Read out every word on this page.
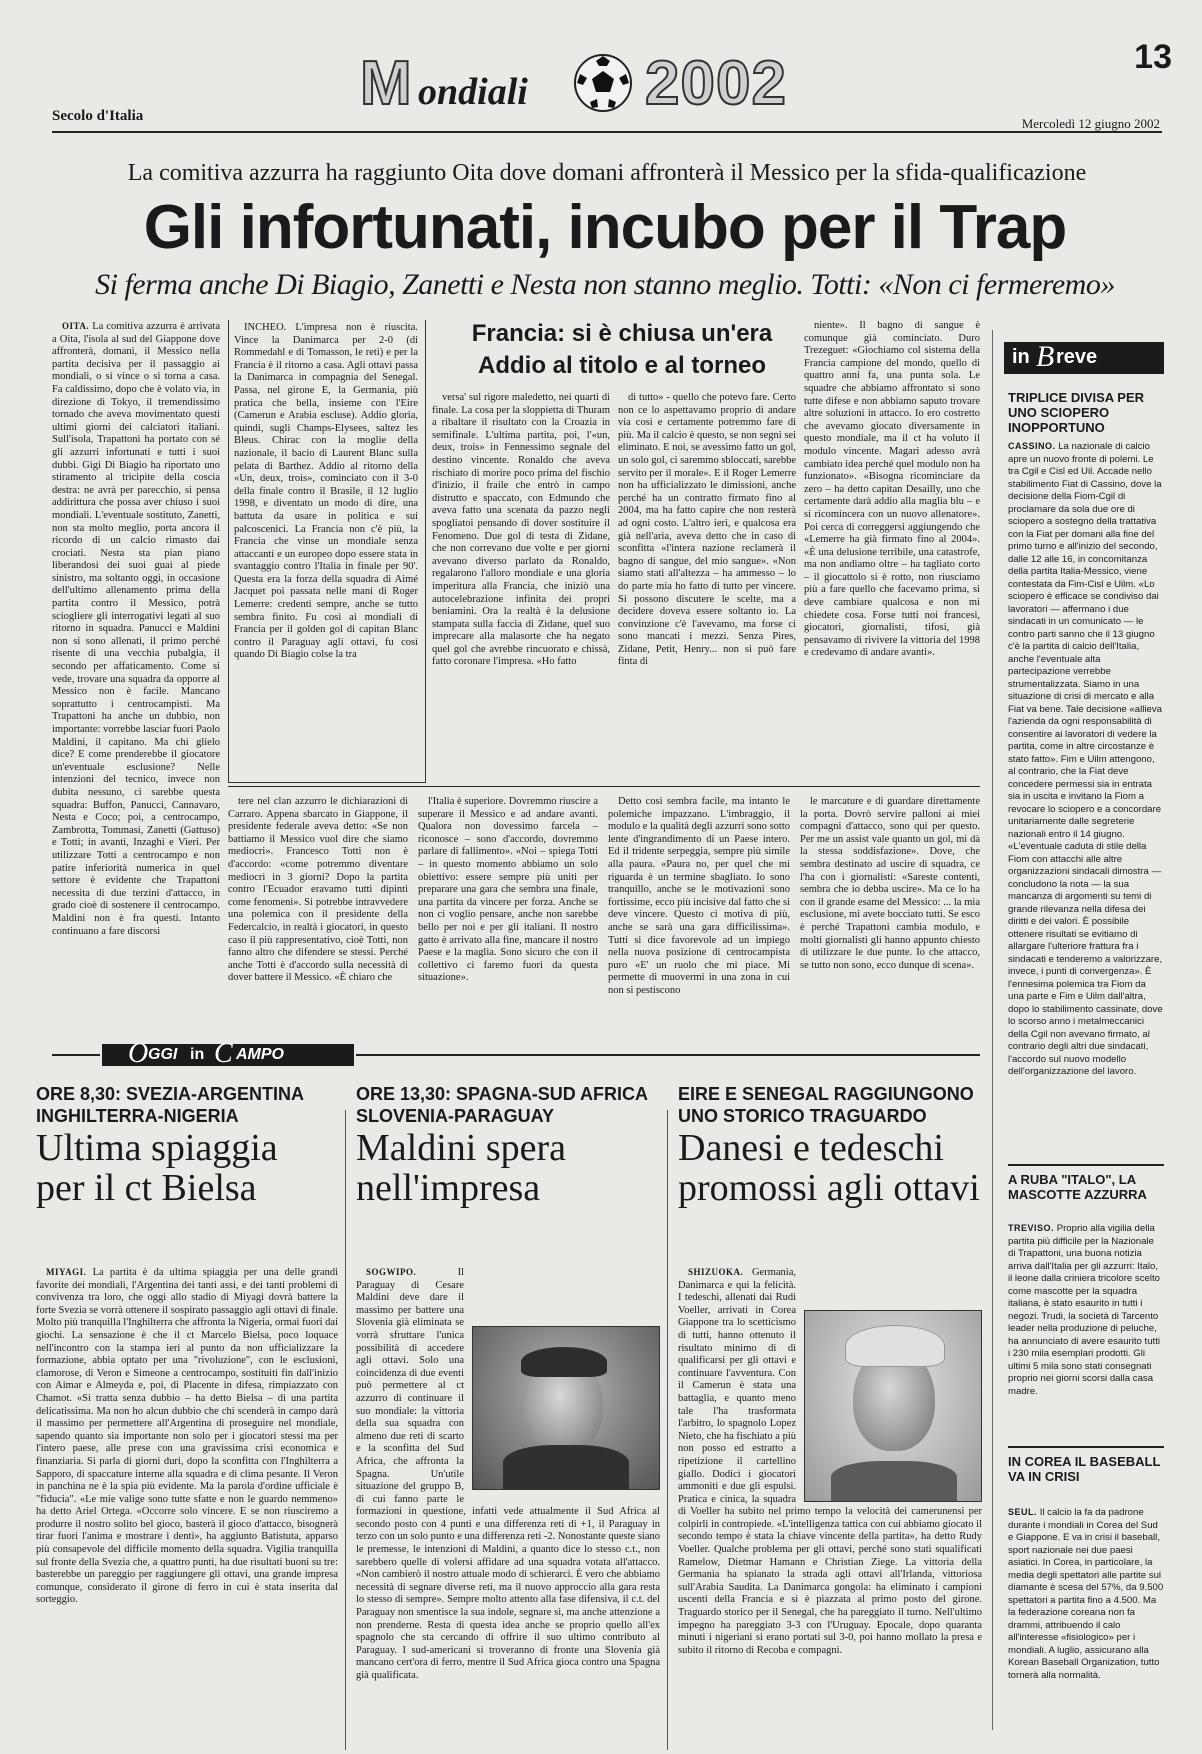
13
M ondiali 2002
Secolo d'Italia	Mercoledì 12 giugno 2002
La comitiva azzurra ha raggiunto Oita dove domani affronterà il Messico per la sfida-qualificazione
Gli infortunati, incubo per il Trap
Si ferma anche Di Biagio, Zanetti e Nesta non stanno meglio. Totti: «Non ci fermeremo»

OITA. La comitiva azzurra è arrivata a Oita, l'isola al sud del Giappone dove affronterà, domani, il Messico nella partita decisiva per il passaggio ai mondiali, o si vince o si torna a casa. Fa caldissimo, dopo che è volato via, in direzione di Tokyo, il tremendissimo tornado che aveva movimentato questi ultimi giorni dei calciatori italiani. Sull'isola, Trapattoni ha portato con sé gli azzurri infortunati e tutti i suoi dubbi. Gigi Di Biagio ha riportato uno stiramento al tricipite della coscia destra: ne avrà per parecchio, si pensa addirittura che possa aver chiuso i suoi mondiali. L'eventuale sostituto, Zanetti, non sta molto meglio, porta ancora il ricordo di un calcio rimasto dai crociati. Nesta sta pian piano liberandosi dei suoi guai al piede sinistro, ma soltanto oggi, in occasione dell'ultimo allenamento prima della partita contro il Messico, potrà sciogliere gli interrogativi legati al suo ritorno in squadra. Panucci e Maldini non si sono allenati, il primo perché risente di una vecchia pubalgia, il secondo per affaticamento. Come si vede, trovare una squadra da opporre al Messico non è facile. Mancano soprattutto i centrocampisti. Ma Trapattoni ha anche un dubbio, non importante: vorrebbe lasciar fuori Paolo Maldini, il capitano. Ma chi glielo dice? E come prenderebbe il giocatore un'eventuale esclusione? Nelle intenzioni del tecnico, invece non dubita nessuno, ci sarebbe questa squadra: Buffon, Panucci, Cannavaro, Nesta e Coco; poi, a centrocampo, Zambrotta, Tommasi, Zanetti (Gattuso) e Totti; in avanti, Inzaghi e Vieri. Per utilizzare Totti a centrocampo e non patire inferiorità numerica in quel settore è evidente che Trapattoni necessita di due terzini d'attacco, in grado cioè di sostenere il centrocampo. Maldini non è fra questi. Intanto continuano a fare discorsi

INCHEO. L'impresa non è riuscita. Vince la Danimarca per 2-0 (di Rommedahl e di Tomasson, le reti) e per la Francia è il ritorno a casa. Agli ottavi passa la Danimarca in compagnia del Senegal. Passa, nel girone E, la Germania, più pratica che bella, insieme con l'Eire (Camerun e Arabia escluse). Addio gloria, quindi, sugli Champs-Elysees, saltez les Bleus. Chirac con la moglie della nazionale, il bacio di Laurent Blanc sulla pelata di Barthez. Addio al ritorno della «Un, deux, trois», cominciato con il 3-0 della finale contro il Brasile, il 12 luglio 1998, e diventato un modo di dire, una battuta da usare in politica e sui palcoscenici. La Francia non c'è più, la Francia che vinse un mondiale senza attaccanti e un europeo dopo essere stata in svantaggio contro l'Italia in finale per 90'. Questa era la forza della squadra di Aimé Jacquet poi passata nelle mani di Roger Lemerre: credenti sempre, anche se tutto sembra finito. Fu così ai mondiali di Francia per il golden gol di capitan Blanc contro il Paraguay agli ottavi, fu così quando Di Biagio colse la tra

Francia: si è chiusa un'era
Addio al titolo e al torneo

versa' sul rigore maledetto, nei quarti di finale. La cosa per la sloppietta di Thuram a ribaltare il risultato con la Croazia in semifinale. L'ultima partita, poi, l'«un, deux, trois» in Fennessimo segnale del destino vincente. Ronaldo che aveva rischiato di morire poco prima del fischio d'inizio, il fraile che entrò in campo distrutto e spaccato, con Edmundo che aveva fatto una scenata da pazzo negli spogliatoi pensando di dover sostituire il Fenomeno. Due gol di testa di Zidane, che non correvano due volte e per giorni avevano diverso parlato da Ronaldo, regalarono l'alloro mondiale e una gloria imperitura alla Francia, che iniziò una autocelebrazione infinita dei propri beniamini. Ora la realtà è la delusione stampata sulla faccia di Zidane, quel suo imprecare alla malasorte che ha negato quel gol che avrebbe rincuorato e chissà, fatto coronare l'impresa. «Ho fatto

di tutto» - quello che potevo fare. Certo non ce lo aspettavamo proprio di andare via così e certamente potremmo fare di più. Ma il calcio è questo, se non segni sei eliminato. E noi, se avessimo fatto un gol, un solo gol, ci saremmo sbloccati, sarebbe servito per il morale». E il Roger Lemerre non ha ufficializzato le dimissioni, anche perché ha un contratto firmato fino al 2004, ma ha fatto capire che non resterà ad ogni costo. L'altro ieri, e qualcosa era già nell'aria, aveva detto che in caso di sconfitta «l'intera nazione reclamerà il bagno di sangue, del mio sangue». «Non siamo stati all'altezza – ha ammesso – lo do parte mia ho fatto di tutto per vincere. Si possono discutere le scelte, ma a decidere doveva essere soltanto io. La convinzione c'è l'avevamo, ma forse ci sono mancati i mezzi. Senza Pires, Zidane, Petit, Henry... non si può fare finta di

niente». Il bagno di sangue è comunque già cominciato. Duro Trezeguet: «Giochiamo col sistema della Francia campione del mondo, quello di quattro anni fa, una punta sola. Le squadre che abbiamo affrontato si sono tutte difese e non abbiamo saputo trovare altre soluzioni in attacco. Io ero costretto che avevamo giocato diversamente in questo mondiale, ma il ct ha voluto il modulo vincente. Magari adesso avrà cambiato idea perché quel modulo non ha funzionato». «Bisogna ricominciare da zero – ha detto capitan Desailly, uno che certamente darà addio alla maglia blu – e si ricomincera con un nuovo allenatore». Poi cerca di correggersi aggiungendo che «Lemerre ha già firmato fino al 2004». «È una delusione terribile, una catastrofe, ma non andiamo oltre – ha tagliato corto – il giocattolo si è rotto, non riusciamo più a fare quello che facevamo prima, si deve cambiare qualcosa e non mi chiedete cosa. Forse tutti noi francesi, giocatori, giornalisti, tifosi, già pensavamo di rivivere la vittoria del 1998 e credevamo di andare avanti».

tere nel clan azzurro le dichiarazioni di Carraro. Appena sbarcato in Giappone, il presidente federale aveva detto: «Se non battiamo il Messico vuol dire che siamo mediocri». Francesco Totti non è d'accordo: «come potremmo diventare mediocri in 3 giorni? Dopo la partita contro l'Ecuador eravamo tutti dipinti come fenomeni». Si potrebbe intravvedere una polemica con il presidente della Federcalcio, in realtà i giocatori, in questo caso il più rappresentativo, cioè Totti, non fanno altro che difendere se stessi. Perché anche Totti è d'accordo sulla necessità di dover battere il Messico. «È chiaro che

l'Italia è superiore. Dovremmo riuscire a superare il Messico e ad andare avanti. Qualora non dovessimo farcela – riconosce – sono d'accordo, dovremmo parlare di fallimento». «Noi – spiega Totti – in questo momento abbiamo un solo obiettivo: essere sempre più uniti per preparare una gara che sembra una finale, una partita da vincere per forza. Anche se non ci voglio pensare, anche non sarebbe bello per noi e per gli italiani. Il nostro gatto è arrivato alla fine, mancare il nostro Paese e la maglia. Sono sicuro che con il collettivo ci faremo fuori da questa situazione».

Detto così sembra facile, ma intanto le polemiche impazzano. L'imbraggio, il modulo e la qualità degli azzurri sono sotto lente d'ingrandimento di un Paese intero. Ed il tridente serpeggia, sempre più simile alla paura. «Paura no, per quel che mi riguarda è un termine sbagliato. Io sono tranquillo, anche se le motivazioni sono fortissime, ecco più incisive dal fatto che si deve vincere. Questo ci motiva di più, anche se sarà una gara difficilissima». Tutti si dice favorevole ad un impiego nella nuova posizione di centrocampista puro «E' un ruolo che mi piace. Mi permette di muovermi in una zona in cui non si pestiscono

le marcature e di guardare direttamente la porta. Dovrò servire palloni ai miei compagni d'attacco, sono qui per questo. Per me un assist vale quanto un gol, mi dà la stessa soddisfazione». Dove, che sembra destinato ad uscire di squadra, ce l'ha con i giornalisti: «Sareste contenti, sembra che io debba uscire». Ma ce lo ha con il grande esame del Messico: ... la mia esclusione, mi avete bocciato tutti. Se esco è perché Trapattoni cambia modulo, e molti giornalisti gli hanno appunto chiesto di utilizzare le due punte. Io che attacco, se tutto non sono, ecco dunque di scena».

in B reve
TRIPLICE DIVISA PER UNO SCIOPERO INOPPORTUNO
CASSINO. La nazionale di calcio apre un nuovo fronte di polemi. Le tra Cgil e Cisl ed Uil. Accade nello stabilimento Fiat di Cassino, dove la decisione della Fiom-Cgil di proclamare da sola due ore di sciopero a sostegno della trattativa con la Fiat per domani alla fine del primo turno e all'inizio del secondo, dalle 12 alle 16, in concomitanza della partita Italia-Messico, viene contestata da Fim-Cisl e Uilm. «Lo sciopero è efficace se condiviso dai lavoratori — affermano i due sindacati in un comunicato — le contro parti sanno che il 13 giugno c'è la partita di calcio dell'Italia, anche l'eventuale alta partecipazione verrebbe strumentalizzata. Siamo in una situazione di crisi di mercato e alla Fiat va bene. Tale decisione «allieva l'azienda da ogni responsabilità di consentire ai lavoratori di vedere la partita, come in altre circostanze è stato fatto». Fim e Uilm attengono, al contrario, che la Fiat deve concedere permessi sia in entrata sia in uscita e invitano la Fiom a revocare lo sciopero e a concordare unitariamente dalle segreterie nazionali entro il 14 giugno. «L'eventuale caduta di stile della Fiom con attacchi alle altre organizzazioni sindacali dimostra — concludono la nota — la sua mancanza di argomenti su temi di grande rilevanza nella difesa dei diritti e dei valori. È possibile ottenere risultati se evitiamo di allargare l'ulteriore frattura fra i sindacati e tenderemo a valorizzare, invece, i punti di convergenza». È l'ennesima polemica tra Fiom da una parte e Fim e Uilm dall'altra, dopo lo stabilimento cassinate, dove lo scorso anno i metalmeccanici della Cgil non avevano firmato, al contrario degli altri due sindacati, l'accordo sul nuovo modello dell'organizzazione del lavoro.
A RUBA "ITALO", LA MASCOTTE AZZURRA
TREVISO. Proprio alla vigilia della partita più difficile per la Nazionale di Trapattoni, una buona notizia arriva dall'Italia per gli azzurri: Italo, il leone dalla criniera tricolore scelto come mascotte per la squadra italiana, è stato esaurito in tutti i negozi. Trudi, la società di Tarcento leader nella produzione di peluche, ha annunciato di avere esaurito tutti i 230 mila esemplari prodotti. Gli ultimi 5 mila sono stati consegnati proprio nei giorni scorsi dalla casa madre.
IN COREA IL BASEBALL VA IN CRISI
SEUL. Il calcio la fa da padrone durante i mondiali in Corea del Sud e Giappone. E va in crisi il baseball, sport nazionale nei due paesi asiatici. In Corea, in particolare, la media degli spettatori alle partite sul diamante è scesa del 57%, da 9.500 spettatori a partita fino a 4.500. Ma la federazione coreana non fa drammi, attribuendo il calo all'interesse «fisiologico» per i mondiali. A luglio, assicurano alla Korean Baseball Organization, tutto tornerà alla normalità.
O GGI in C AMPO
ORE 8,30: SVEZIA-ARGENTINA
INGHILTERRA-NIGERIA
Ultima spiaggia
per il ct Bielsa

MIYAGI. La partita è da ultima spiaggia per una delle grandi favorite dei mondiali, l'Argentina dei tanti assi, e dei tanti problemi di convivenza tra loro, che oggi allo stadio di Miyagi dovrà battere la forte Svezia se vorrà ottenere il sospirato passaggio agli ottavi di finale. Molto più tranquilla l'Inghilterra che affronta la Nigeria, ormai fuori dai giochi. La sensazione è che il ct Marcelo Bielsa, poco loquace nell'incontro con la stampa ieri al punto da non ufficializzare la formazione, abbia optato per una "rivoluzione", con le esclusioni, clamorose, di Veron e Simeone a centrocampo, sostituiti fin dall'inizio con Aimar e Almeyda e, poi, di Placente in difesa, rimpiazzato con Chamot. «Si tratta senza dubbio – ha detto Bielsa – di una partita delicatissima. Ma non ho alcun dubbio che chi scenderà in campo darà il massimo per permettere all'Argentina di proseguire nel mondiale, sapendo quanto sia importante non solo per i giocatori stessi ma per l'intero paese, alle prese con una gravissima crisi economica e finanziaria. Si parla di giorni duri, dopo la sconfitta con l'Inghilterra a Sapporo, di spaccature interne alla squadra e di clima pesante. Il Veron in panchina ne è la spia più evidente. Ma la parola d'ordine ufficiale è "fiducia". «Le mie valige sono tutte sfatte e non le guardo nemmeno» ha detto Ariel Ortega. «Occorre solo vincere. E se non riusciremo a produrre il nostro solito bel gioco, basterà il gioco d'attacco, bisognerà tirar fuori l'anima e mostrare i denti», ha aggiunto Batistuta, apparso più consapevole del difficile momento della squadra. Vigilia tranquilla sul fronte della Svezia che, a quattro punti, ha due risultati buoni su tre: basterebbe un pareggio per raggiungere gli ottavi, una grande impresa comunque, considerato il girone di ferro in cui è stata inserita dal sorteggio.

ORE 13,30: SPAGNA-SUD AFRICA
SLOVENIA-PARAGUAY
Maldini spera
nell'impresa

SOGWIPO.	Il Paraguay di Cesare Maldini deve dare il massimo per battere una Slovenia già eliminata se vorrà sfruttare l'unica possibilità di accedere agli ottavi. Solo una coincidenza di due eventi può permettere al ct azzurro di continuare il suo mondiale: la vittoria della sua squadra con almeno due reti di scarto e la sconfitta del Sud Africa, che affronta la Spagna. Un'utile situazione del gruppo B, di cui fanno parte le formazioni in questione, infatti vede attualmente il Sud Africa al secondo posto con 4 punti e una differenza reti di +1, il Paraguay in terzo con un solo punto e una differenza reti -2. Nonostante queste siano le premesse, le intenzioni di Maldini, a quanto dice lo stesso c.t., non sarebbero quelle di volersi affidare ad una squadra votata all'attacco. «Non cambierò il nostro attuale modo di schierarci. È vero che abbiamo necessità di segnare diverse reti, ma il nuovo approccio alla gara resta lo stesso di sempre». Sempre molto attento alla fase difensiva, il c.t. del Paraguay non smentisce la sua indole, segnare sì, ma anche attenzione a non prenderne. Resta di questa idea anche se proprio quello all'ex spagnolo che sta cercando di offrire il suo ultimo contributo al Paraguay. I sud-americani si troveranno di fronte una Slovenia già mancano cert'ora di ferro, mentre il Sud Africa gioca contro una Spagna già qualificata.

EIRE E SENEGAL RAGGIUNGONO
UNO STORICO TRAGUARDO
Danesi e tedeschi
promossi agli ottavi

SHIZUOKA. Germania, Danimarca e qui la felicità. I tedeschi, allenati dai Rudi Voeller, arrivati in Corea Giappone tra lo scetticismo di tutti, hanno ottenuto il risultato minimo di dì qualificarsi per gli ottavi e continuare l'avventura. Con il Camerun è stata una battaglia, e quanto meno tale l'ha trasformata l'arbitro, lo spagnolo Lopez Nieto, che ha fischiato a più non posso ed estratto a ripetizione il cartellino giallo. Dodici i giocatori ammoniti e due gli espulsi. Pratica e cinica, la squadra di Voeller ha subìto nel primo tempo la velocità dei camerunensi per colpirli in contropiede. «L'intelligenza tattica con cui abbiamo giocato il secondo tempo è stata la chiave vincente della partita», ha detto Rudy Voeller. Qualche problema per gli ottavi, perché sono stati squalificati Ramelow, Dietmar Hamann e Christian Ziege. La vittoria della Germania ha spianato la strada agli ottavi all'Irlanda, vittoriosa sull'Arabia Saudita. La Danimarca gongola: ha eliminato i campioni uscenti della Francia e si è piazzata al primo posto del girone. Traguardo storico per il Senegal, che ha pareggiato il turno. Nell'ultimo impegno ha pareggiato 3-3 con l'Uruguay. Epocale, dopo quaranta minuti i nigeriani si erano portati sul 3-0, poi hanno mollato la presa e subìto il ritorno di Recoba e compagni.
